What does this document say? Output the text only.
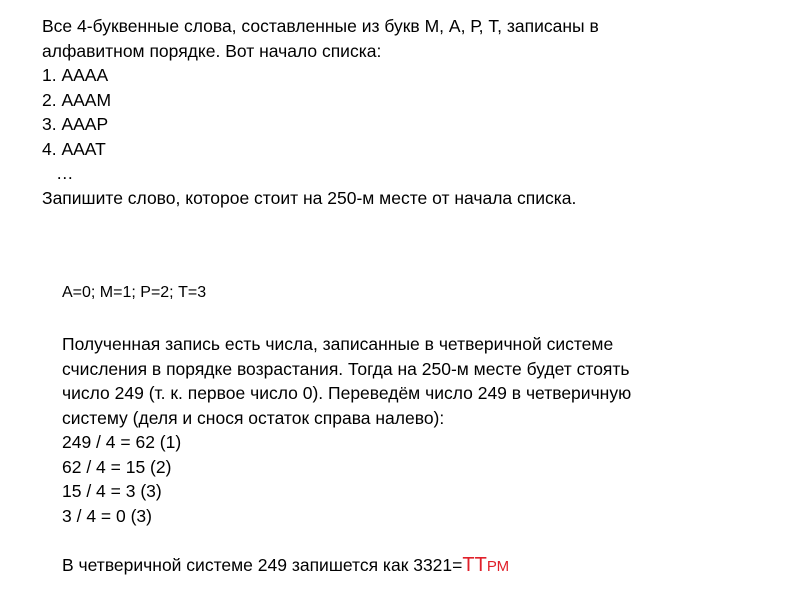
Все 4-буквенные слова, составленные из букв М, А, Р, Т, записаны в
алфавитном порядке. Вот начало списка:
1. АААА
2. АААМ
3. АААР
4. АААТ
…
Запишите слово, которое стоит на 250-м месте от начала списка.
А=0; М=1; Р=2; Т=3
Полученная запись есть числа, записанные в четверичной системе
счисления в порядке возрастания. Тогда на 250-м месте будет стоять
число 249 (т. к. первое число 0). Переведём число 249 в четверичную
систему (деля и снося остаток справа налево):
249 / 4 = 62 (1)
62 / 4 = 15 (2)
15 / 4 = 3 (3)
3 / 4 = 0 (3)
В четверичной системе 249 запишется как 3321=ТТРМ
